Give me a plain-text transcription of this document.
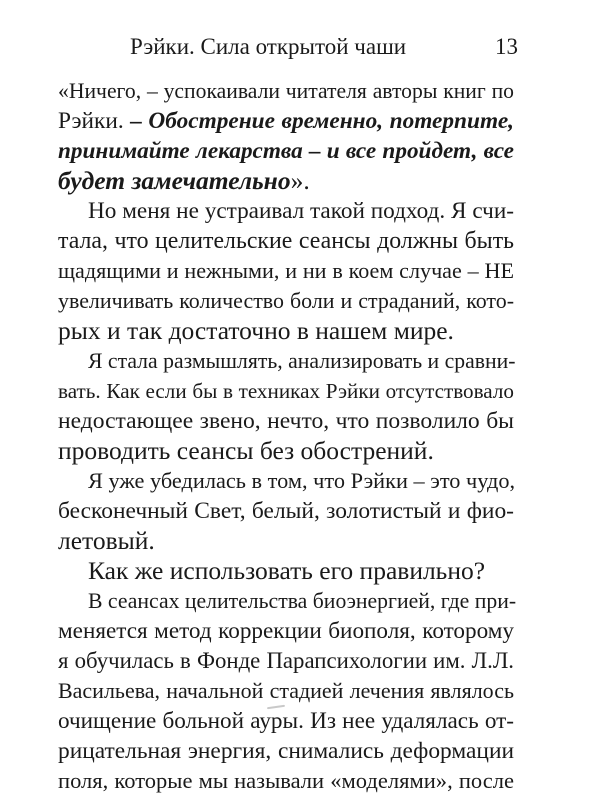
Рэйки. Сила открытой чаши	13

«Ничего, – успокаивали читателя авторы книг по
Рэйки. – Обострение временно, потерпите,
принимайте лекарства – и все пройдет, все
будет замечательно».

Но меня не устраивал такой подход. Я счи-
тала, что целительские сеансы должны быть
щадящими и нежными, и ни в коем случае – НЕ
увеличивать количество боли и страданий, кото-
рых и так достаточно в нашем мире.

Я стала размышлять, анализировать и сравни-
вать. Как если бы в техниках Рэйки отсутствовало
недостающее звено, нечто, что позволило бы
проводить сеансы без обострений.

Я уже убедилась в том, что Рэйки – это чудо,
бесконечный Свет, белый, золотистый и фио-
летовый.

Как же использовать его правильно?

В сеансах целительства биоэнергией, где при-
меняется метод коррекции биополя, которому
я обучилась в Фонде Парапсихологии им. Л.Л.
Васильева, начальной стадией лечения являлось
очищение больной ауры. Из нее удалялась от-
рицательная энергия, снимались деформации
поля, которые мы называли «моделями», после
